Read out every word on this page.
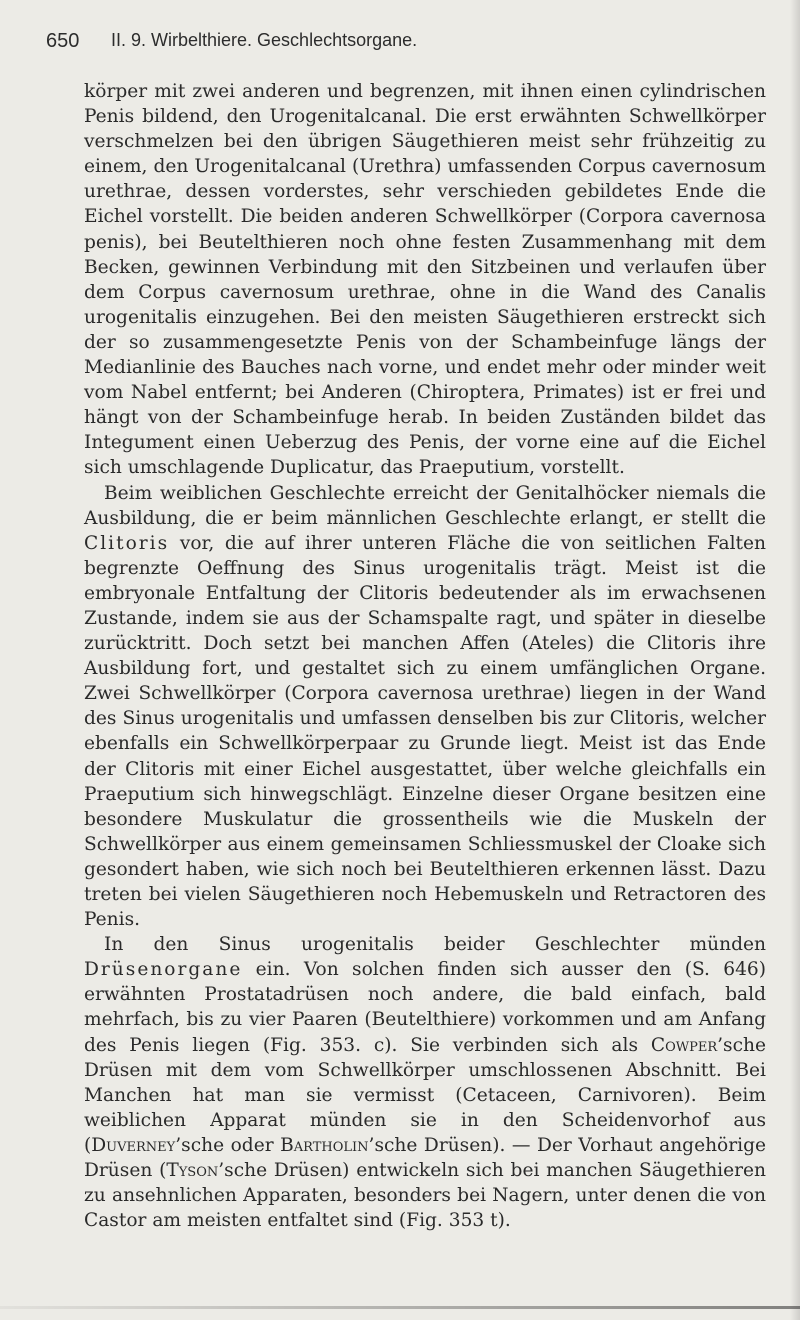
650 II. 9. Wirbelthiere. Geschlechtsorgane.

körper mit zwei anderen und begrenzen, mit ihnen einen cylindrischen Penis bildend, den Urogenitalcanal. Die erst erwähnten Schwellkörper verschmelzen bei den übrigen Säugethieren meist sehr frühzeitig zu einem, den Urogenitalcanal (Urethra) umfassenden Corpus cavernosum urethrae, dessen vorderstes, sehr verschieden gebildetes Ende die Eichel vorstellt. Die beiden anderen Schwellkörper (Corpora cavernosa penis), bei Beutelthieren noch ohne festen Zusammenhang mit dem Becken, gewinnen Verbindung mit den Sitzbeinen und verlaufen über dem Corpus cavernosum urethrae, ohne in die Wand des Canalis urogenitalis einzugehen. Bei den meisten Säugethieren erstreckt sich der so zusammengesetzte Penis von der Schambeinfuge längs der Medianlinie des Bauches nach vorne, und endet mehr oder minder weit vom Nabel entfernt; bei Anderen (Chiroptera, Primates) ist er frei und hängt von der Schambeinfuge herab. In beiden Zuständen bildet das Integument einen Ueberzug des Penis, der vorne eine auf die Eichel sich umschlagende Duplicatur, das Praeputium, vorstellt.

Beim weiblichen Geschlechte erreicht der Genitalhöcker niemals die Ausbildung, die er beim männlichen Geschlechte erlangt, er stellt die Clitoris vor, die auf ihrer unteren Fläche die von seitlichen Falten begrenzte Oeffnung des Sinus urogenitalis trägt. Meist ist die embryonale Entfaltung der Clitoris bedeutender als im erwachsenen Zustande, indem sie aus der Schamspalte ragt, und später in dieselbe zurücktritt. Doch setzt bei manchen Affen (Ateles) die Clitoris ihre Ausbildung fort, und gestaltet sich zu einem umfänglichen Organe. Zwei Schwellkörper (Corpora cavernosa urethrae) liegen in der Wand des Sinus urogenitalis und umfassen denselben bis zur Clitoris, welcher ebenfalls ein Schwellkörperpaar zu Grunde liegt. Meist ist das Ende der Clitoris mit einer Eichel ausgestattet, über welche gleichfalls ein Praeputium sich hinwegschlägt. Einzelne dieser Organe besitzen eine besondere Muskulatur die grossentheils wie die Muskeln der Schwellkörper aus einem gemeinsamen Schliessmuskel der Cloake sich gesondert haben, wie sich noch bei Beutelthieren erkennen lässt. Dazu treten bei vielen Säugethieren noch Hebemuskeln und Retractoren des Penis.

In den Sinus urogenitalis beider Geschlechter münden Drüsenorgane ein. Von solchen finden sich ausser den (S. 646) erwähnten Prostatadrüsen noch andere, die bald einfach, bald mehrfach, bis zu vier Paaren (Beutelthiere) vorkommen und am Anfang des Penis liegen (Fig. 353. c). Sie verbinden sich als Cowper’sche Drüsen mit dem vom Schwellkörper umschlossenen Abschnitt. Bei Manchen hat man sie vermisst (Cetaceen, Carnivoren). Beim weiblichen Apparat münden sie in den Scheidenvorhof aus (Duverney’sche oder Bartholin’sche Drüsen). — Der Vorhaut angehörige Drüsen (Tyson’sche Drüsen) entwickeln sich bei manchen Säugethieren zu ansehnlichen Apparaten, besonders bei Nagern, unter denen die von Castor am meisten entfaltet sind (Fig. 353 t).
